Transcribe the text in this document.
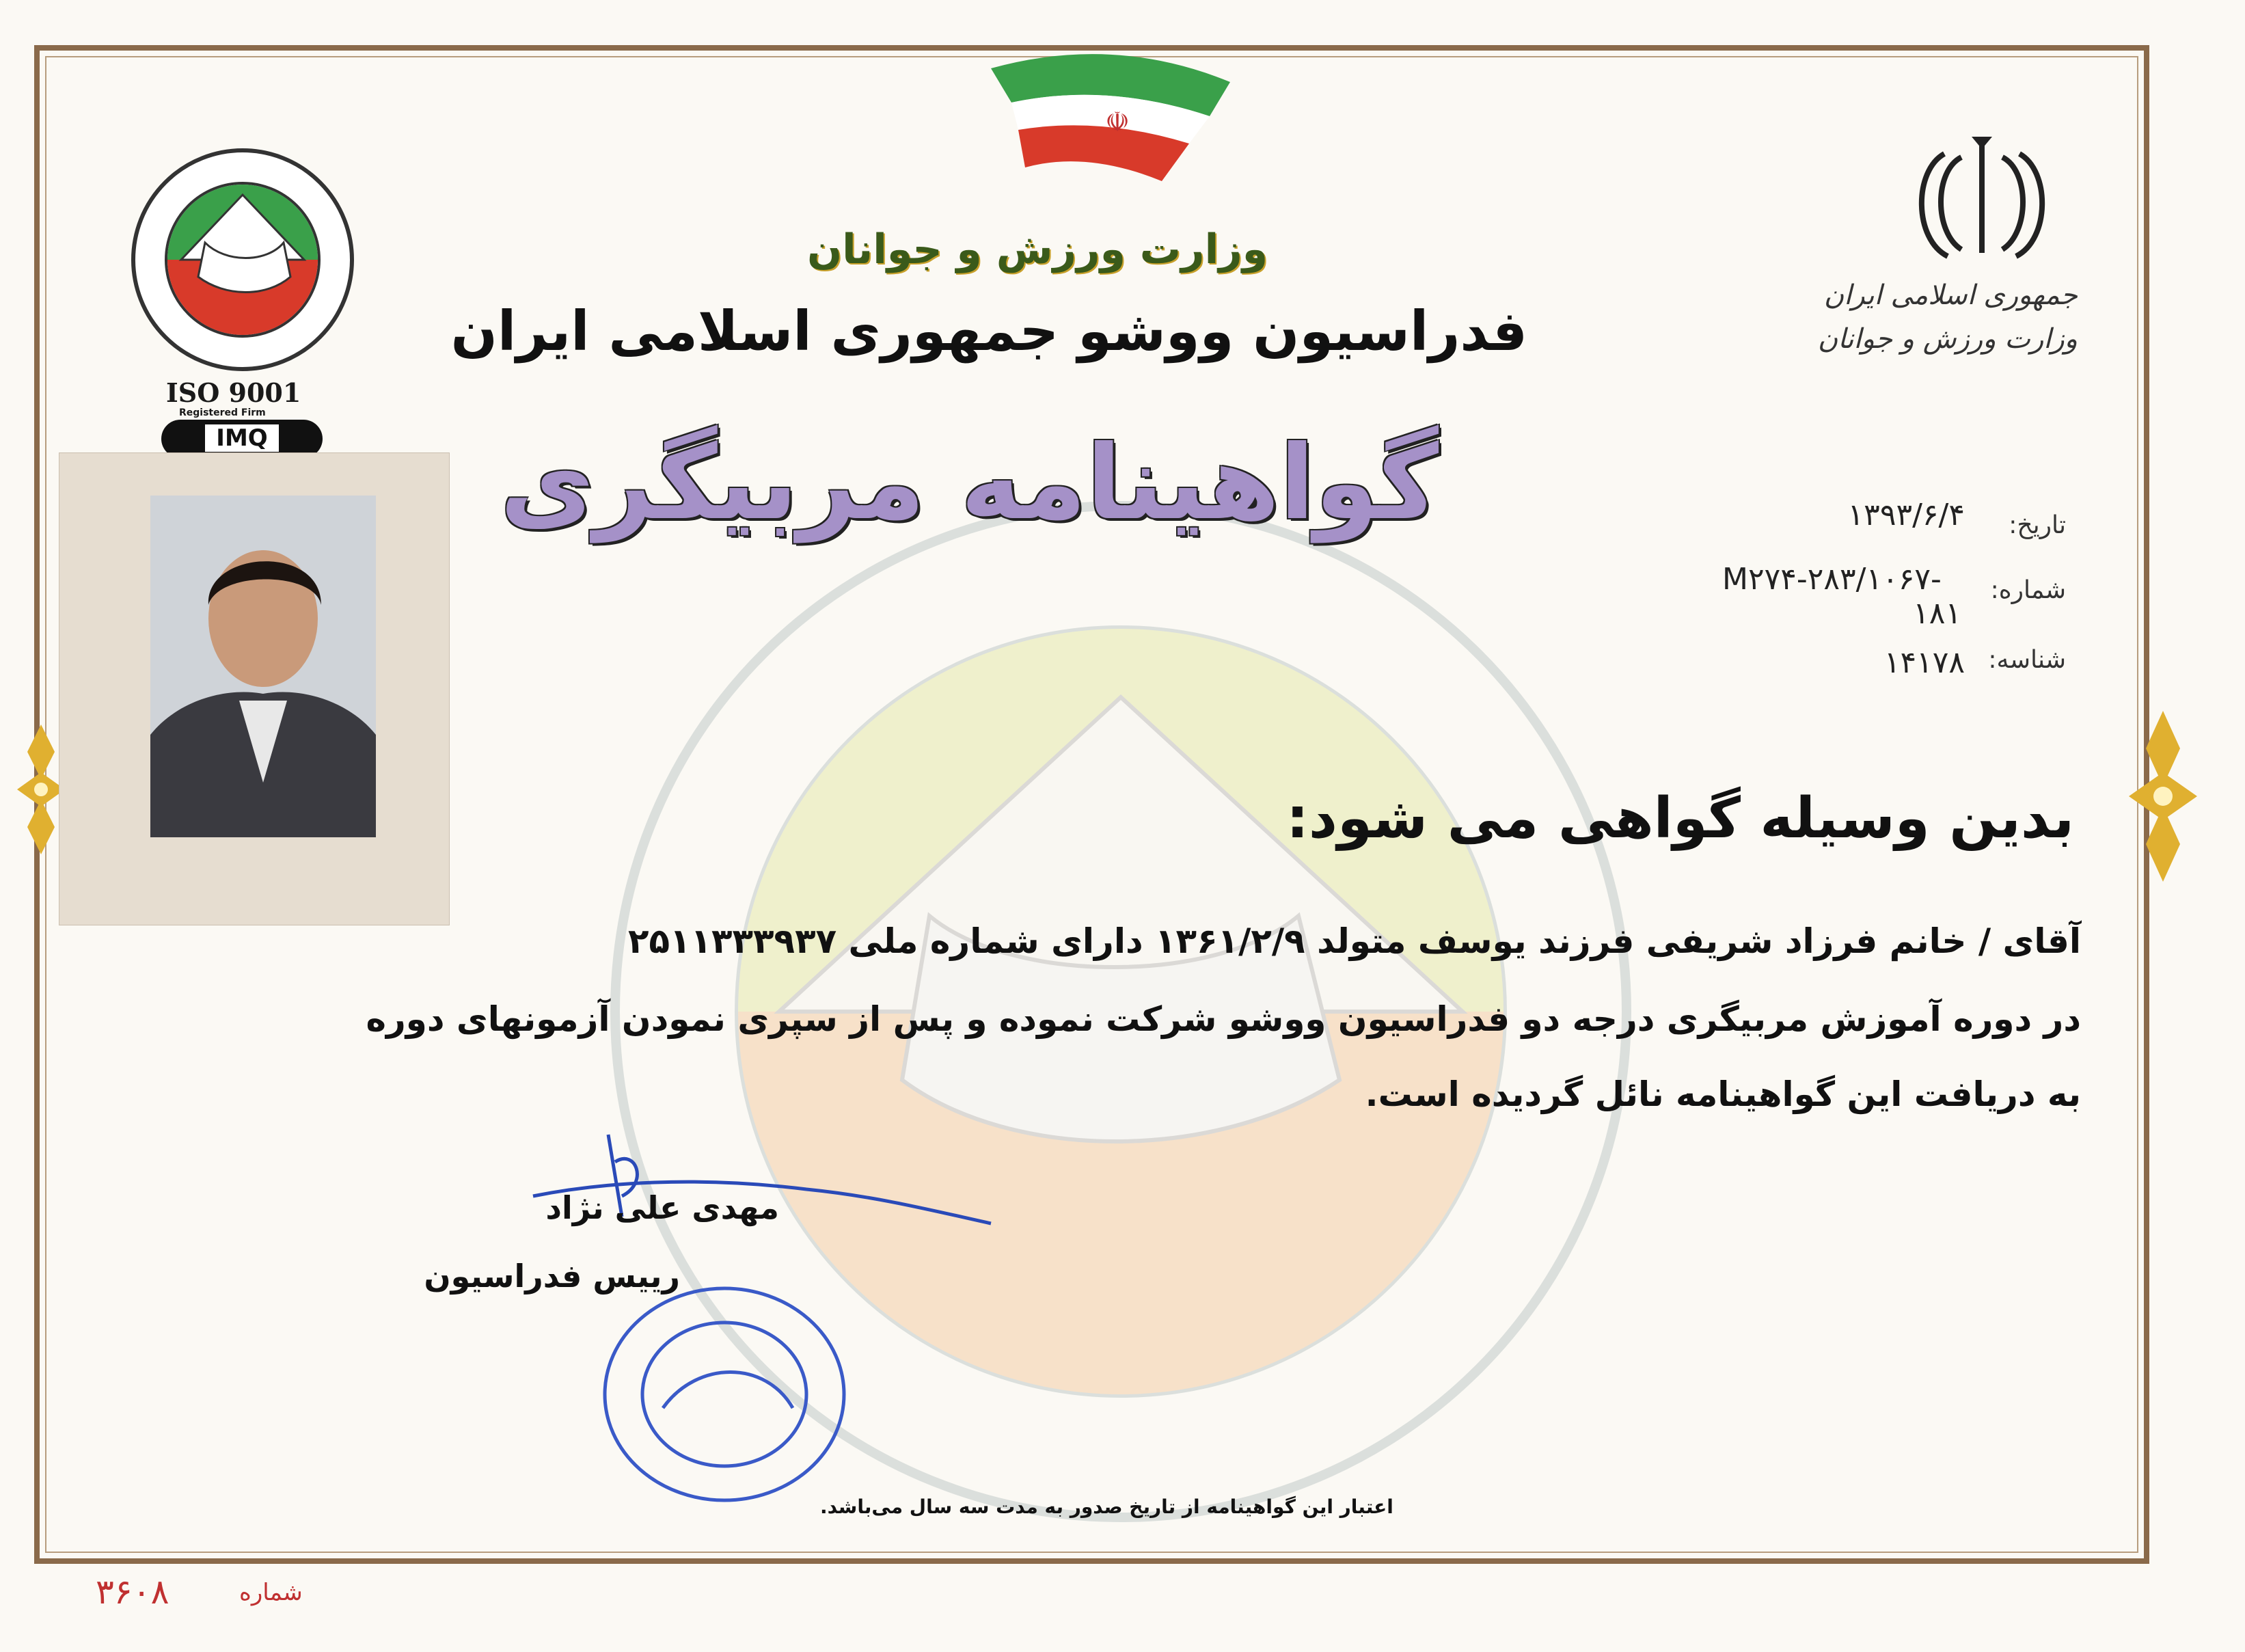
☫
ISO 9001
Registered Firm
IMQ
جمهوری اسلامی ایران
وزارت ورزش و جوانان
وزارت ورزش و جوانان
فدراسیون ووشو جمهوری اسلامی ایران
گواهینامه مربیگری	تاریخ:
۱۳۹۳/۶/۴
شماره:
M۲۷۴-۲۸۳/۱۰۶۷-
۱۸۱
شناسه:
۱۴۱۷۸
بدین وسیله گواهی می شود:
آقای / خانم فرزاد شریفی فرزند یوسف متولد ۱۳۶۱/۲/۹ دارای شماره ملی ۲۵۱۱۳۳۳۹۳۷
در دوره آموزش مربیگری درجه دو فدراسیون ووشو شرکت نموده و پس از سپری نمودن آزمونهای دوره
به دریافت این گواهینامه نائل گردیده است.
مهدی علی نژاد
رییس فدراسیون
اعتبار این گواهینامه از تاریخ صدور به مدت سه سال می‌باشد.
۳۶۰۸	شماره
